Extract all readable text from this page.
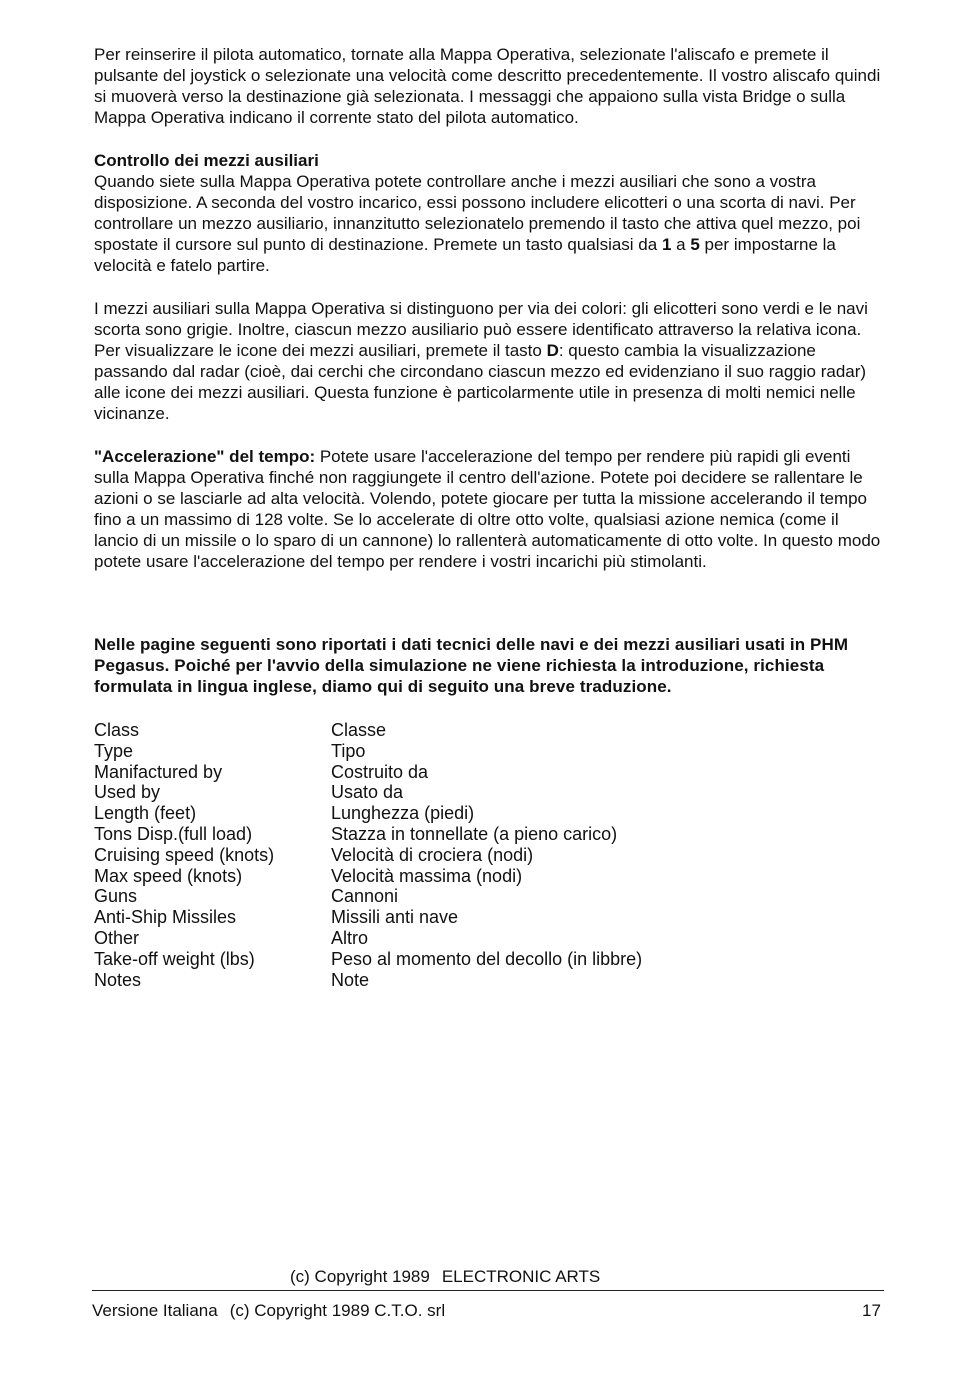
Per reinserire il pilota automatico, tornate alla Mappa Operativa, selezionate l'aliscafo e premete il pulsante del joystick o selezionate una velocità come descritto precedentemente. Il vostro aliscafo quindi si muoverà verso la destinazione già selezionata. I messaggi che appaiono sulla vista Bridge o sulla Mappa Operativa indicano il corrente stato del pilota automatico.

Controllo dei mezzi ausiliari

Quando siete sulla Mappa Operativa potete controllare anche i mezzi ausiliari che sono a vostra disposizione. A seconda del vostro incarico, essi possono includere elicotteri o una scorta di navi. Per controllare un mezzo ausiliario, innanzitutto selezionatelo premendo il tasto che attiva quel mezzo, poi spostate il cursore sul punto di destinazione. Premete un tasto qualsiasi da 1 a 5 per impostarne la velocità e fatelo partire.

I mezzi ausiliari sulla Mappa Operativa si distinguono per via dei colori: gli elicotteri sono verdi e le navi scorta sono grigie. Inoltre, ciascun mezzo ausiliario può essere identificato attraverso la relativa icona. Per visualizzare le icone dei mezzi ausiliari, premete il tasto D: questo cambia la visualizzazione passando dal radar (cioè, dai cerchi che circondano ciascun mezzo ed evidenziano il suo raggio radar) alle icone dei mezzi ausiliari. Questa funzione è particolarmente utile in presenza di molti nemici nelle vicinanze.

"Accelerazione" del tempo: Potete usare l'accelerazione del tempo per rendere più rapidi gli eventi sulla Mappa Operativa finché non raggiungete il centro dell'azione. Potete poi decidere se rallentare le azioni o se lasciarle ad alta velocità. Volendo, potete giocare per tutta la missione accelerando il tempo fino a un massimo di 128 volte. Se lo accelerate di oltre otto volte, qualsiasi azione nemica (come il lancio di un missile o lo sparo di un cannone) lo rallenterà automaticamente di otto volte. In questo modo potete usare l'accelerazione del tempo per rendere i vostri incarichi più stimolanti.

Nelle pagine seguenti sono riportati i dati tecnici delle navi e dei mezzi ausiliari usati in PHM Pegasus. Poiché per l'avvio della simulazione ne viene richiesta la introduzione, richiesta formulata in lingua inglese, diamo qui di seguito una breve traduzione.

Class	Classe
Type	Tipo
Manifactured by	Costruito da
Used by	Usato da
Length (feet)	Lunghezza (piedi)
Tons Disp.(full load)	Stazza in tonnellate (a pieno carico)
Cruising speed (knots)	Velocità di crociera (nodi)
Max speed (knots)	Velocità massima (nodi)
Guns	Cannoni
Anti-Ship Missiles	Missili anti nave
Other	Altro
Take-off weight (lbs)	Peso al momento del decollo (in libbre)
Notes	Note
(c) Copyright 1989 ELECTRONIC ARTS
Versione Italiana (c) Copyright 1989 C.T.O. srl	17
